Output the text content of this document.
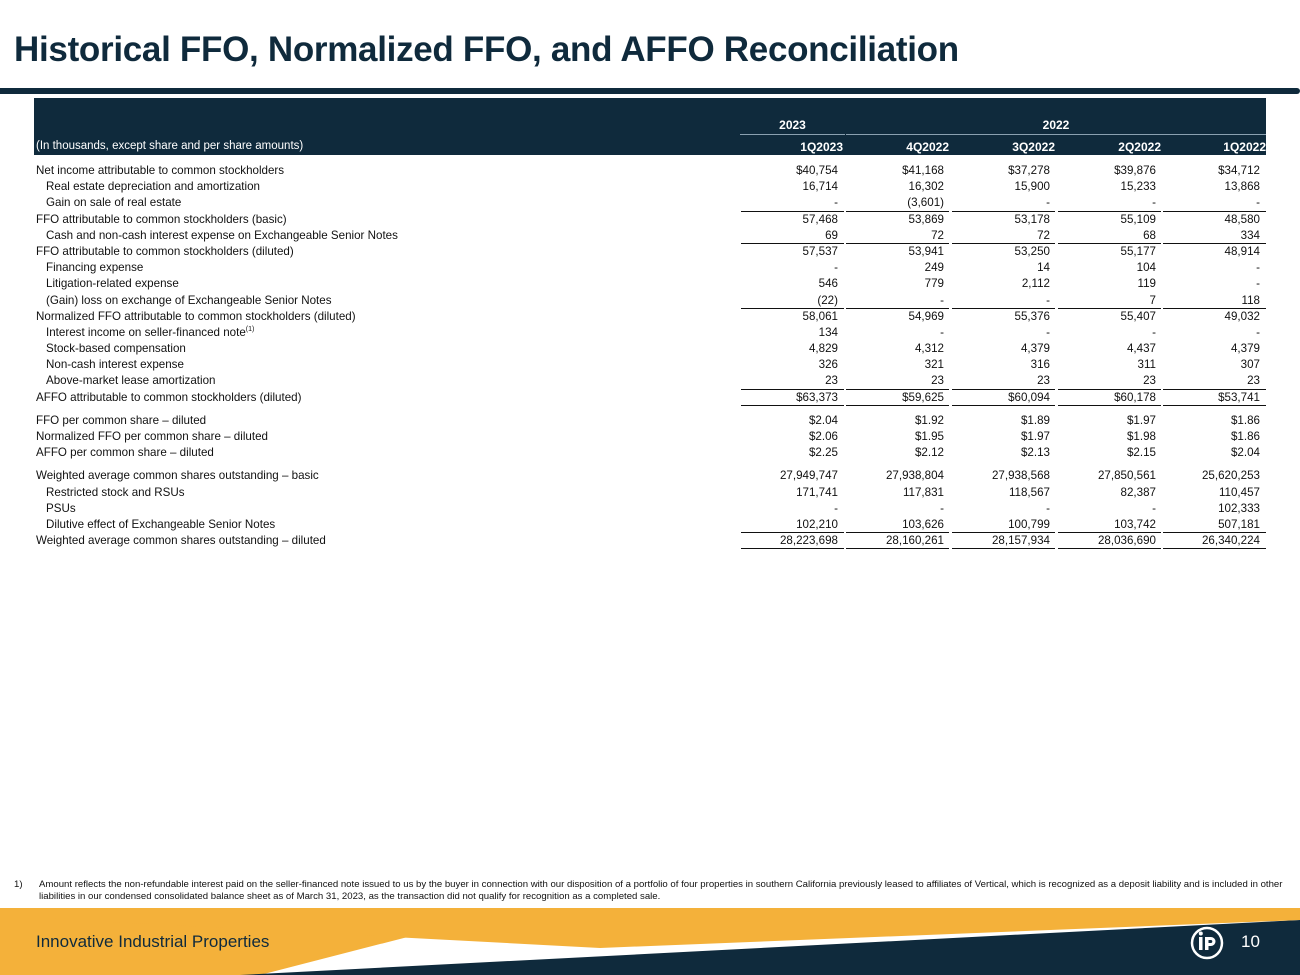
Historical FFO, Normalized FFO, and AFFO Reconciliation
2023	2022
(In thousands, except share and per share amounts)	1Q2023	4Q2022	3Q2022	2Q2022	1Q2022
Net income attributable to common stockholders	$40,754	$41,168	$37,278	$39,876	$34,712
Real estate depreciation and amortization	16,714	16,302	15,900	15,233	13,868
Gain on sale of real estate	-	(3,601)	-	-	-
FFO attributable to common stockholders (basic)	57,468	53,869	53,178	55,109	48,580
Cash and non-cash interest expense on Exchangeable Senior Notes	69	72	72	68	334
FFO attributable to common stockholders (diluted)	57,537	53,941	53,250	55,177	48,914
Financing expense	-	249	14	104	-
Litigation-related expense	546	779	2,112	119	-
(Gain) loss on exchange of Exchangeable Senior Notes	(22)	-	-	7	118
Normalized FFO attributable to common stockholders (diluted)	58,061	54,969	55,376	55,407	49,032
Interest income on seller-financed note$^{(1)}$	134	-	-	-	-
Stock-based compensation	4,829	4,312	4,379	4,437	4,379
Non-cash interest expense	326	321	316	311	307
Above-market lease amortization	23	23	23	23	23
AFFO attributable to common stockholders (diluted)	$63,373	$59,625	$60,094	$60,178	$53,741
FFO per common share – diluted	$2.04	$1.92	$1.89	$1.97	$1.86
Normalized FFO per common share – diluted	$2.06	$1.95	$1.97	$1.98	$1.86
AFFO per common share – diluted	$2.25	$2.12	$2.13	$2.15	$2.04
Weighted average common shares outstanding – basic	27,949,747	27,938,804	27,938,568	27,850,561	25,620,253
Restricted stock and RSUs	171,741	117,831	118,567	82,387	110,457
PSUs	-	-	-	-	102,333
Dilutive effect of Exchangeable Senior Notes	102,210	103,626	100,799	103,742	507,181
Weighted average common shares outstanding – diluted	28,223,698	28,160,261	28,157,934	28,036,690	26,340,224
1) Amount reflects the non-refundable interest paid on the seller-financed note issued to us by the buyer in connection with our disposition of a portfolio of four properties in southern California previously leased to affiliates of Vertical, which is recognized as a deposit liability and is included in other liabilities in our condensed consolidated balance sheet as of March 31, 2023, as the transaction did not qualify for recognition as a completed sale.
Innovative Industrial Properties	10
